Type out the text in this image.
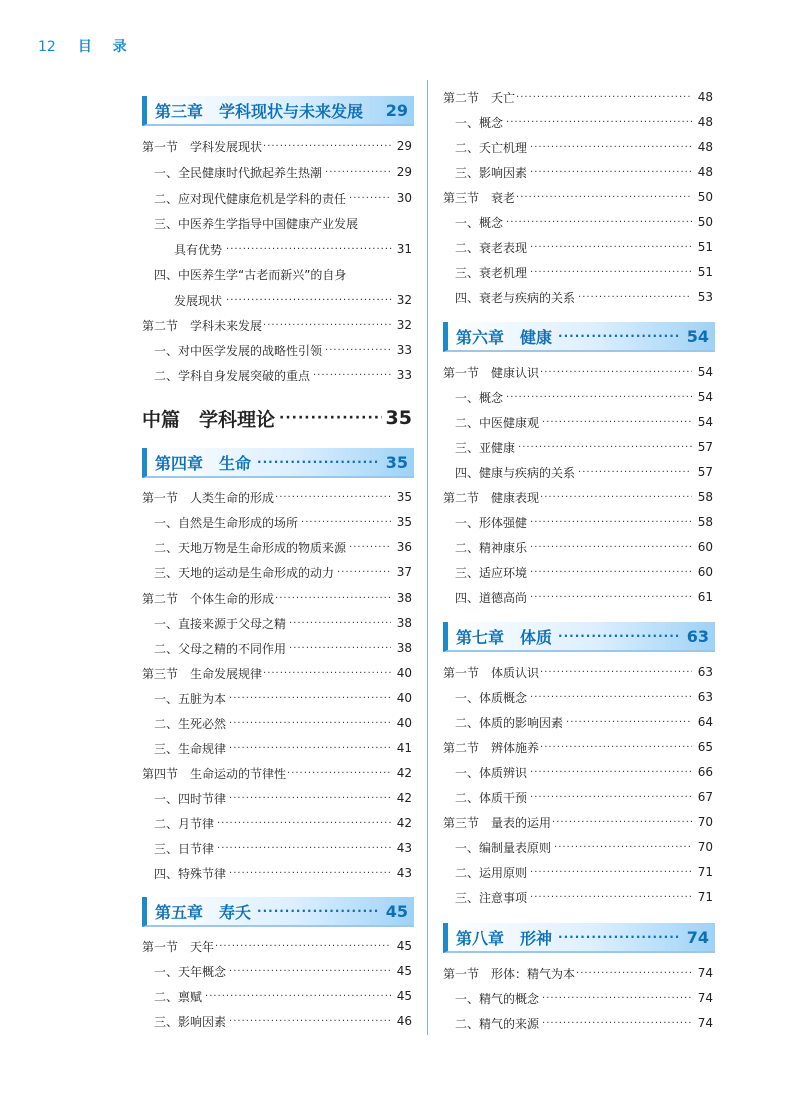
12 目 录
第三章　学科现状与未来发展 29
第一节　学科发展现状 ·····	29
一、全民健康时代掀起养生热潮 ·····	29
二、应对现代健康危机是学科的责任 ·····	30
三、中医养生学指导中国健康产业发展
具有优势 ·····	31
四、中医养生学“古老而新兴”的自身
发展现状 ·····	32
第二节　学科未来发展 ·····	32
一、对中医学发展的战略性引领 ·····	33
二、学科自身发展突破的重点 ·····	33
中篇　学科理论 ·····	35
第四章　生命 ·····	35
第一节　人类生命的形成 ·····	35
一、自然是生命形成的场所 ·····	35
二、天地万物是生命形成的物质来源 ·····	36
三、天地的运动是生命形成的动力 ·····	37
第二节　个体生命的形成 ·····	38
一、直接来源于父母之精 ·····	38
二、父母之精的不同作用 ·····	38
第三节　生命发展规律 ·····	40
一、五脏为本 ·····	40
二、生死必然 ·····	40
三、生命规律 ·····	41
第四节　生命运动的节律性 ·····	42
一、四时节律 ·····	42
二、月节律 ·····	42
三、日节律 ·····	43
四、特殊节律 ·····	43
第五章　寿夭 ·····	45
第一节　天年 ·····	45
一、天年概念 ·····	45
二、禀赋 ·····	45
三、影响因素 ·····	46
第二节　夭亡 ·····	48
一、概念 ·····	48
二、夭亡机理 ·····	48
三、影响因素 ·····	48
第三节　衰老 ·····	50
一、概念 ·····	50
二、衰老表现 ·····	51
三、衰老机理 ·····	51
四、衰老与疾病的关系 ·····	53
第六章　健康 ·····	54
第一节　健康认识 ·····	54
一、概念 ·····	54
二、中医健康观 ·····	54
三、亚健康 ·····	57
四、健康与疾病的关系 ·····	57
第二节　健康表现 ·····	58
一、形体强健 ·····	58
二、精神康乐 ·····	60
三、适应环境 ·····	60
四、道德高尚 ·····	61
第七章　体质 ·····	63
第一节　体质认识 ·····	63
一、体质概念 ·····	63
二、体质的影响因素 ·····	64
第二节　辨体施养 ·····	65
一、体质辨识 ·····	66
二、体质干预 ·····	67
第三节　量表的运用 ·····	70
一、编制量表原则 ·····	70
二、运用原则 ·····	71
三、注意事项 ·····	71
第八章　形神 ·····	74
第一节　形体：精气为本 ·····	74
一、精气的概念 ·····	74
二、精气的来源 ·····	74
